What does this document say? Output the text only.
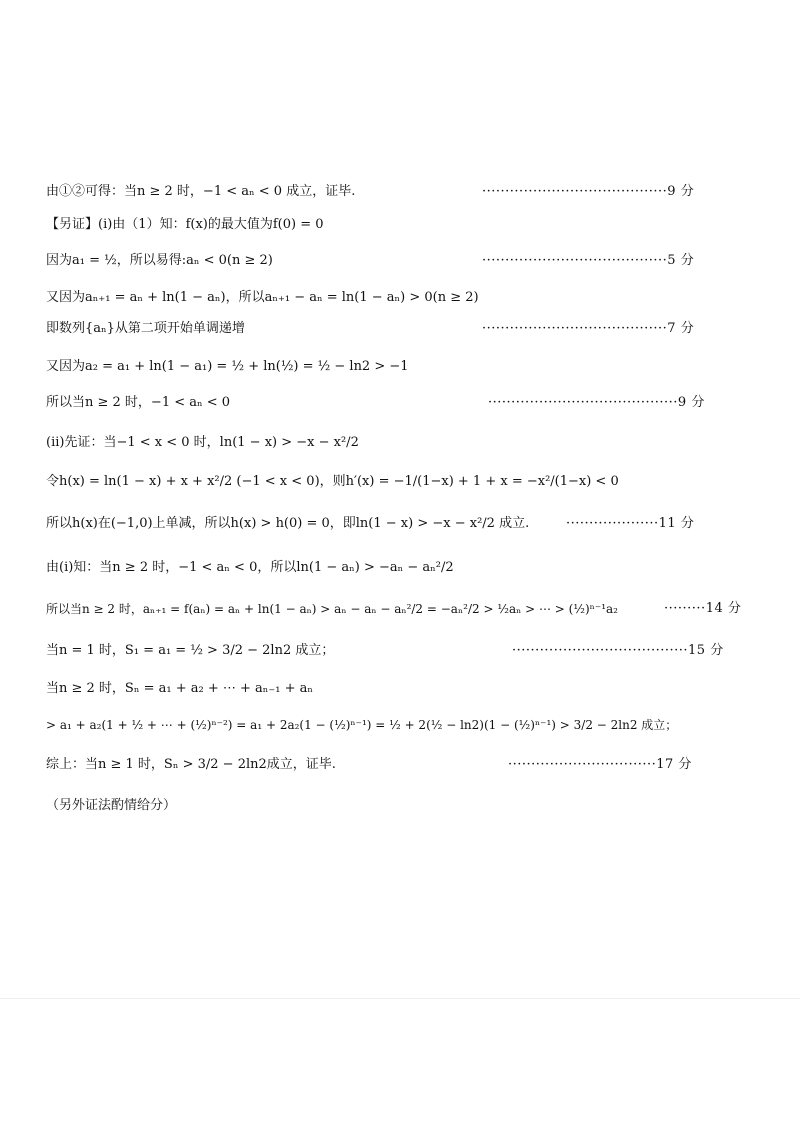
由①②可得：当n ≥ 2 时，−1 < aₙ < 0 成立，证毕.	········································9 分
【另证】(i)由（1）知：f(x)的最大值为f(0) = 0
因为a₁ = ½，所以易得:aₙ < 0(n ≥ 2)	········································5 分
又因为aₙ₊₁ = aₙ + ln(1 − aₙ)，所以aₙ₊₁ − aₙ = ln(1 − aₙ) > 0(n ≥ 2)
即数列{aₙ}从第二项开始单调递增	········································7 分
又因为a₂ = a₁ + ln(1 − a₁) = ½ + ln(½) = ½ − ln2 > −1
所以当n ≥ 2 时，−1 < aₙ < 0	·········································9 分
(ii)先证：当−1 < x < 0 时，ln(1 − x) > −x − x²/2
令h(x) = ln(1 − x) + x + x²/2 (−1 < x < 0)，则h′(x) = −1/(1−x) + 1 + x = −x²/(1−x) < 0
所以h(x)在(−1,0)上单减，所以h(x) > h(0) = 0，即ln(1 − x) > −x − x²/2 成立.	····················11 分
由(i)知：当n ≥ 2 时，−1 < aₙ < 0，所以ln(1 − aₙ) > −aₙ − aₙ²/2
所以当n ≥ 2 时，aₙ₊₁ = f(aₙ) = aₙ + ln(1 − aₙ) > aₙ − aₙ − aₙ²/2 = −aₙ²/2 > ½aₙ > ⋯ > (½)ⁿ⁻¹a₂	·········14 分
当n = 1 时，S₁ = a₁ = ½ > 3/2 − 2ln2 成立；	······································15 分
当n ≥ 2 时，Sₙ = a₁ + a₂ + ⋯ + aₙ₋₁ + aₙ
> a₁ + a₂(1 + ½ + ⋯ + (½)ⁿ⁻²) = a₁ + 2a₂(1 − (½)ⁿ⁻¹) = ½ + 2(½ − ln2)(1 − (½)ⁿ⁻¹) > 3/2 − 2ln2 成立；
综上：当n ≥ 1 时，Sₙ > 3/2 − 2ln2成立，证毕.	································17 分
（另外证法酌情给分）
